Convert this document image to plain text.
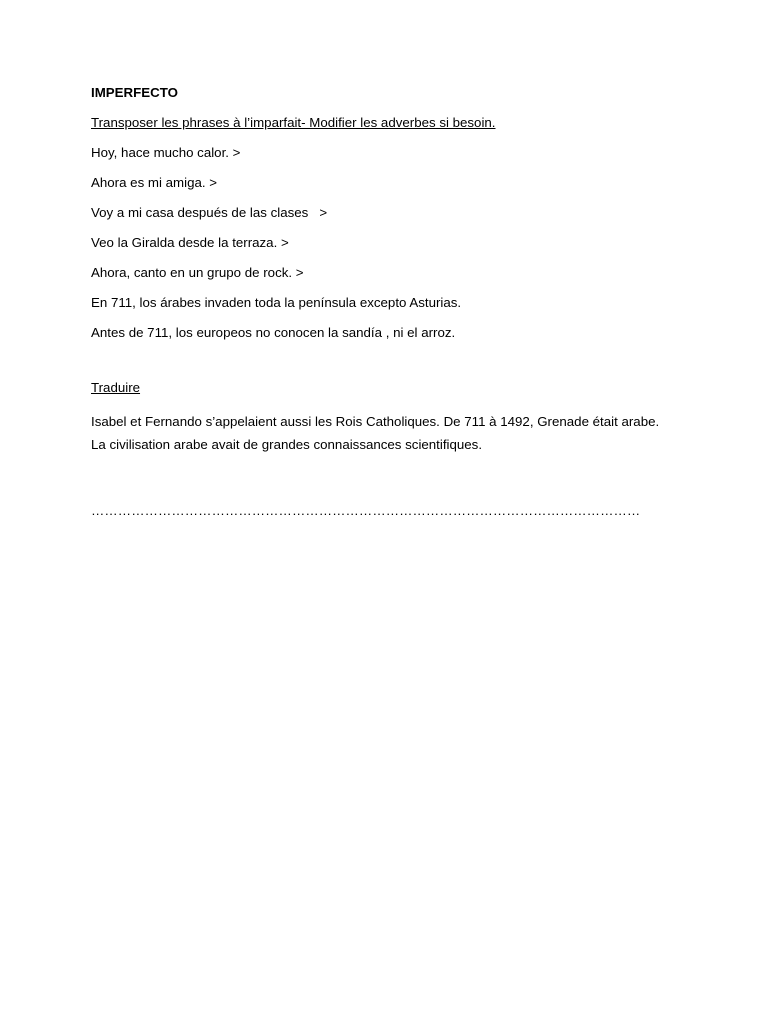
IMPERFECTO

Transposer les phrases à l’imparfait- Modifier les adverbes si besoin.

Hoy, hace mucho calor. >
Ahora es mi amiga. >
Voy a mi casa después de las clases   >
Veo la Giralda desde la terraza. >
Ahora, canto en un grupo de rock. >
En 711, los árabes invaden toda la península excepto Asturias.
Antes de 711, los europeos no conocen la sandía , ni el arroz.

Traduire

Isabel et Fernando s’appelaient aussi les Rois Catholiques. De 711 à 1492, Grenade était arabe. La civilisation arabe avait de grandes connaissances scientifiques.

……………………………………………………………………………………………………………
